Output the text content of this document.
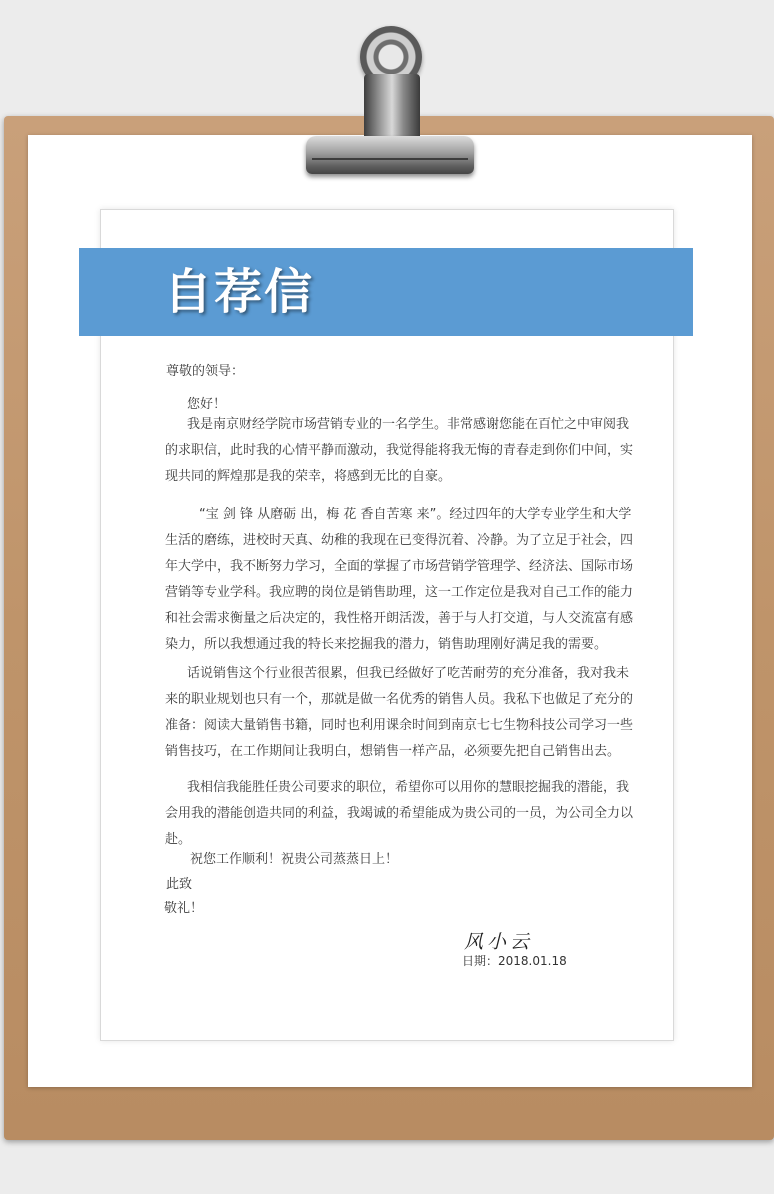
自荐信
尊敬的领导：
您好！
我是南京财经学院市场营销专业的一名学生。非常感谢您能在百忙之中审阅我
的求职信，此时我的心情平静而激动，我觉得能将我无悔的青春走到你们中间，实
现共同的辉煌那是我的荣幸，将感到无比的自豪。
“宝 剑 锋 从磨砺 出，梅 花 香自苦寒 来”。经过四年的大学专业学生和大学
生活的磨练，进校时天真、幼稚的我现在已变得沉着、冷静。为了立足于社会，四
年大学中，我不断努力学习，全面的掌握了市场营销学管理学、经济法、国际市场
营销等专业学科。我应聘的岗位是销售助理，这一工作定位是我对自己工作的能力
和社会需求衡量之后决定的，我性格开朗活泼，善于与人打交道，与人交流富有感
染力，所以我想通过我的特长来挖掘我的潜力，销售助理刚好满足我的需要。
话说销售这个行业很苦很累，但我已经做好了吃苦耐劳的充分准备，我对我未
来的职业规划也只有一个，那就是做一名优秀的销售人员。我私下也做足了充分的
准备：阅读大量销售书籍，同时也利用课余时间到南京七七生物科技公司学习一些
销售技巧，在工作期间让我明白，想销售一样产品，必须要先把自己销售出去。
我相信我能胜任贵公司要求的职位，希望你可以用你的慧眼挖掘我的潜能，我
会用我的潜能创造共同的利益，我竭诚的希望能成为贵公司的一员，为公司全力以
赴。
祝您工作顺利！祝贵公司蒸蒸日上！
此致
敬礼！
风小云
日期：2018.01.18
